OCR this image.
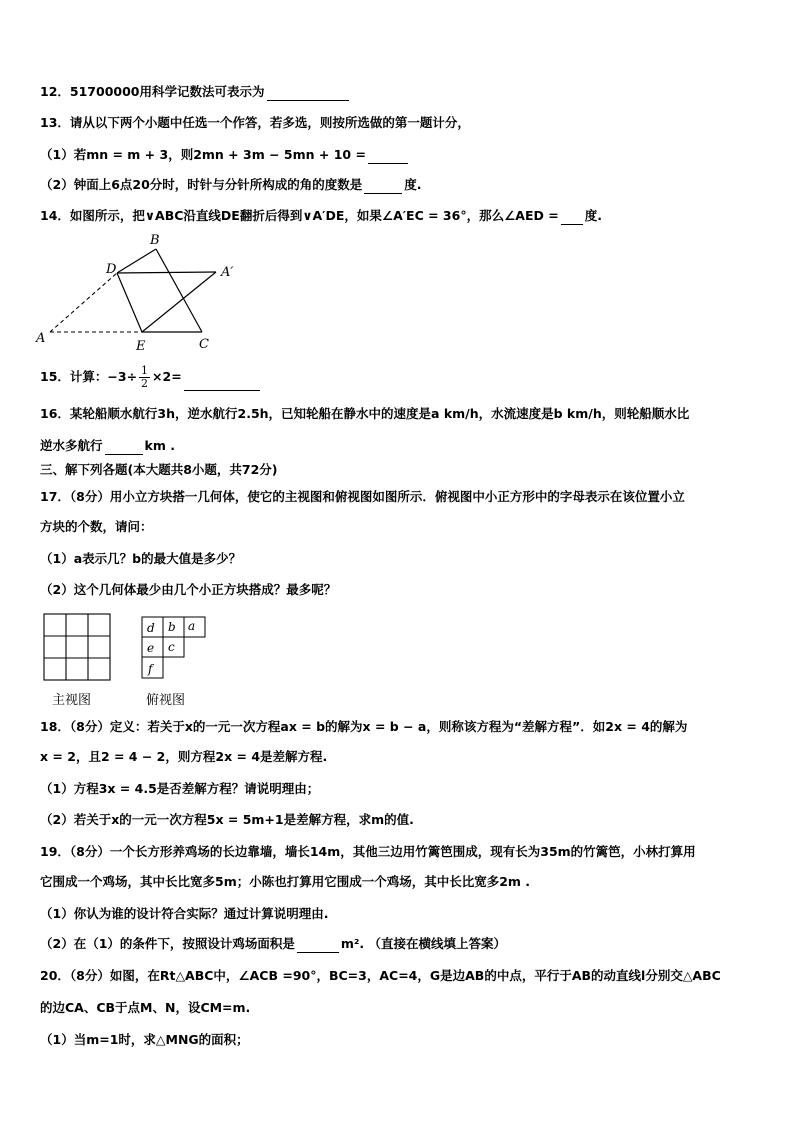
12．51700000用科学记数法可表示为
13．请从以下两个小题中任选一个作答，若多选，则按所选做的第一题计分，
（1）若mn = m + 3，则2mn + 3m − 5mn + 10 =
（2）钟面上6点20分时，时针与分针所构成的角的度数是	度.
14．如图所示，把∨ABC沿直线DE翻折后得到∨A′DE，如果∠A′EC = 36°，那么∠AED = 度.
B
D	A′
A
E	C
15．计算：$-3\div \frac{1}{2} \times 2=$
16．某轮船顺水航行3h，逆水航行2.5h，已知轮船在静水中的速度是a km/h，水流速度是b km/h，则轮船顺水比
逆水多航行	km .
三、解下列各题(本大题共8小题，共72分)
17．（8分）用小立方块搭一几何体，使它的主视图和俯视图如图所示．俯视图中小正方形中的字母表示在该位置小立
方块的个数，请问：
（1）a表示几？b的最大值是多少？
（2）这个几何体最少由几个小正方块搭成？最多呢？
主视图
d b a
e c
f
俯视图
18．（8分）定义：若关于x的一元一次方程ax = b的解为x = b − a，则称该方程为“差解方程”．如2x = 4的解为
x = 2，且2 = 4 − 2，则方程2x = 4是差解方程.
（1）方程3x = 4.5是否差解方程？请说明理由；
（2）若关于x的一元一次方程5x = 5m+1是差解方程，求m的值.
19．（8分）一个长方形养鸡场的长边靠墙，墙长14m，其他三边用竹篱笆围成，现有长为35m的竹篱笆，小林打算用
它围成一个鸡场，其中长比宽多5m；小陈也打算用它围成一个鸡场，其中长比宽多2m .
（1）你认为谁的设计符合实际？通过计算说明理由.
（2）在（1）的条件下，按照设计鸡场面积是	m². （直接在横线填上答案）
20．（8分）如图，在Rt△ABC中，∠ACB =90°，BC=3，AC=4，G是边AB的中点，平行于AB的动直线l分别交△ABC
的边CA、CB于点M、N，设CM=m.
（1）当m=1时，求△MNG的面积；
